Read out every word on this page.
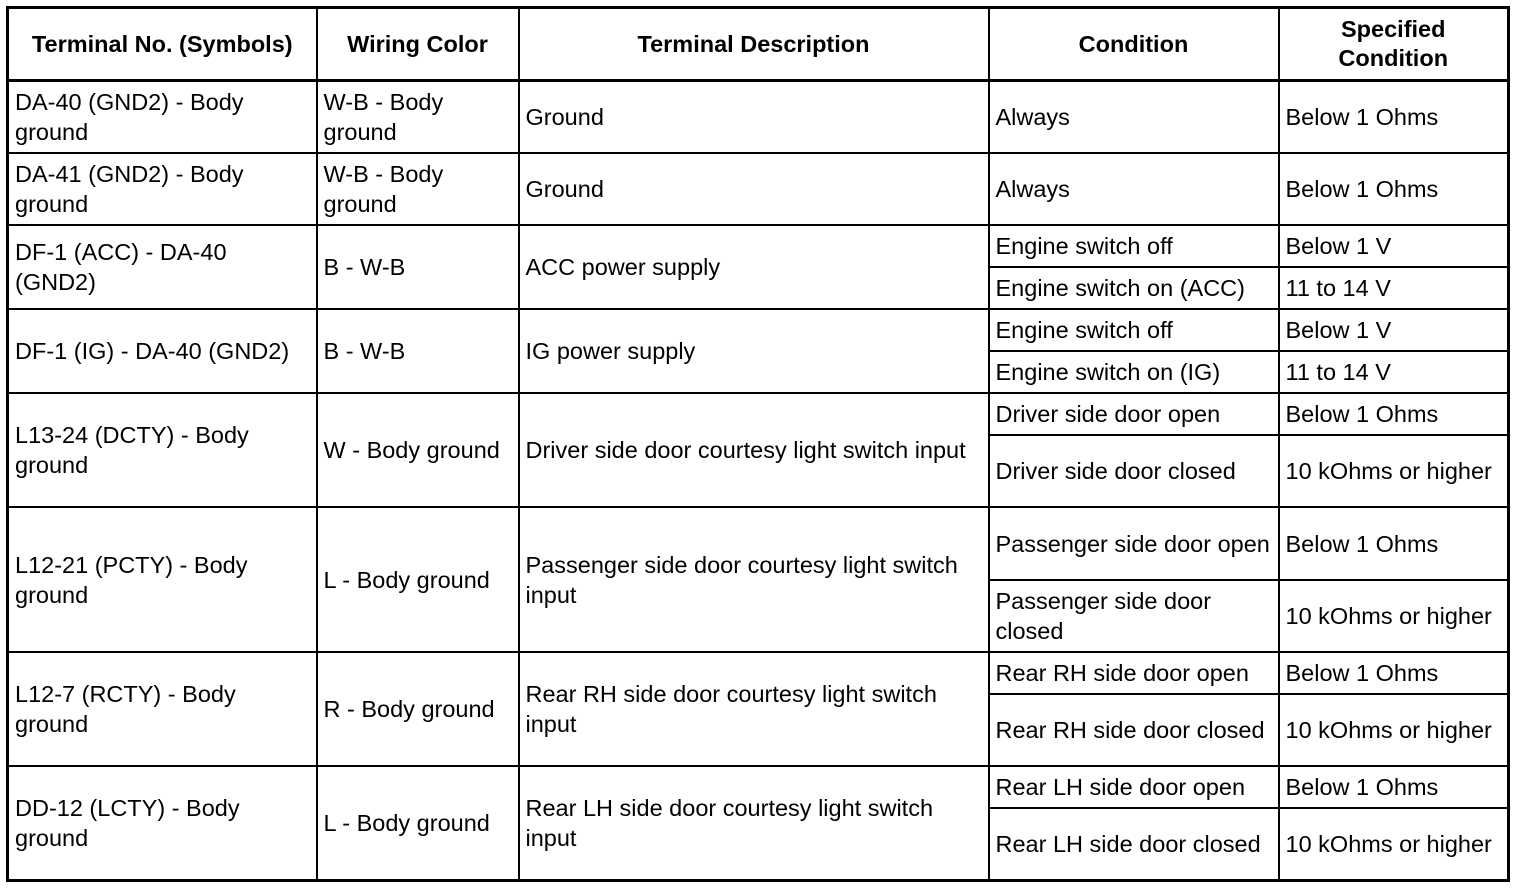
Terminal No. (Symbols)	Wiring Color	Terminal Description	Condition	Specified Condition
DA-40 (GND2) - Body ground	W-B - Body ground	Ground	Always	Below 1 Ohms
DA-41 (GND2) - Body ground	W-B - Body ground	Ground	Always	Below 1 Ohms
DF-1 (ACC) - DA-40 (GND2)	B - W-B	ACC power supply	Engine switch off	Below 1 V
			Engine switch on (ACC)	11 to 14 V
DF-1 (IG) - DA-40 (GND2)	B - W-B	IG power supply	Engine switch off	Below 1 V
			Engine switch on (IG)	11 to 14 V
L13-24 (DCTY) - Body ground	W - Body ground	Driver side door courtesy light switch input	Driver side door open	Below 1 Ohms
			Driver side door closed	10 kOhms or higher
L12-21 (PCTY) - Body ground	L - Body ground	Passenger side door courtesy light switch input	Passenger side door open	Below 1 Ohms
			Passenger side door closed	10 kOhms or higher
L12-7 (RCTY) - Body ground	R - Body ground	Rear RH side door courtesy light switch input	Rear RH side door open	Below 1 Ohms
			Rear RH side door closed	10 kOhms or higher
DD-12 (LCTY) - Body ground	L - Body ground	Rear LH side door courtesy light switch input	Rear LH side door open	Below 1 Ohms
			Rear LH side door closed	10 kOhms or higher
